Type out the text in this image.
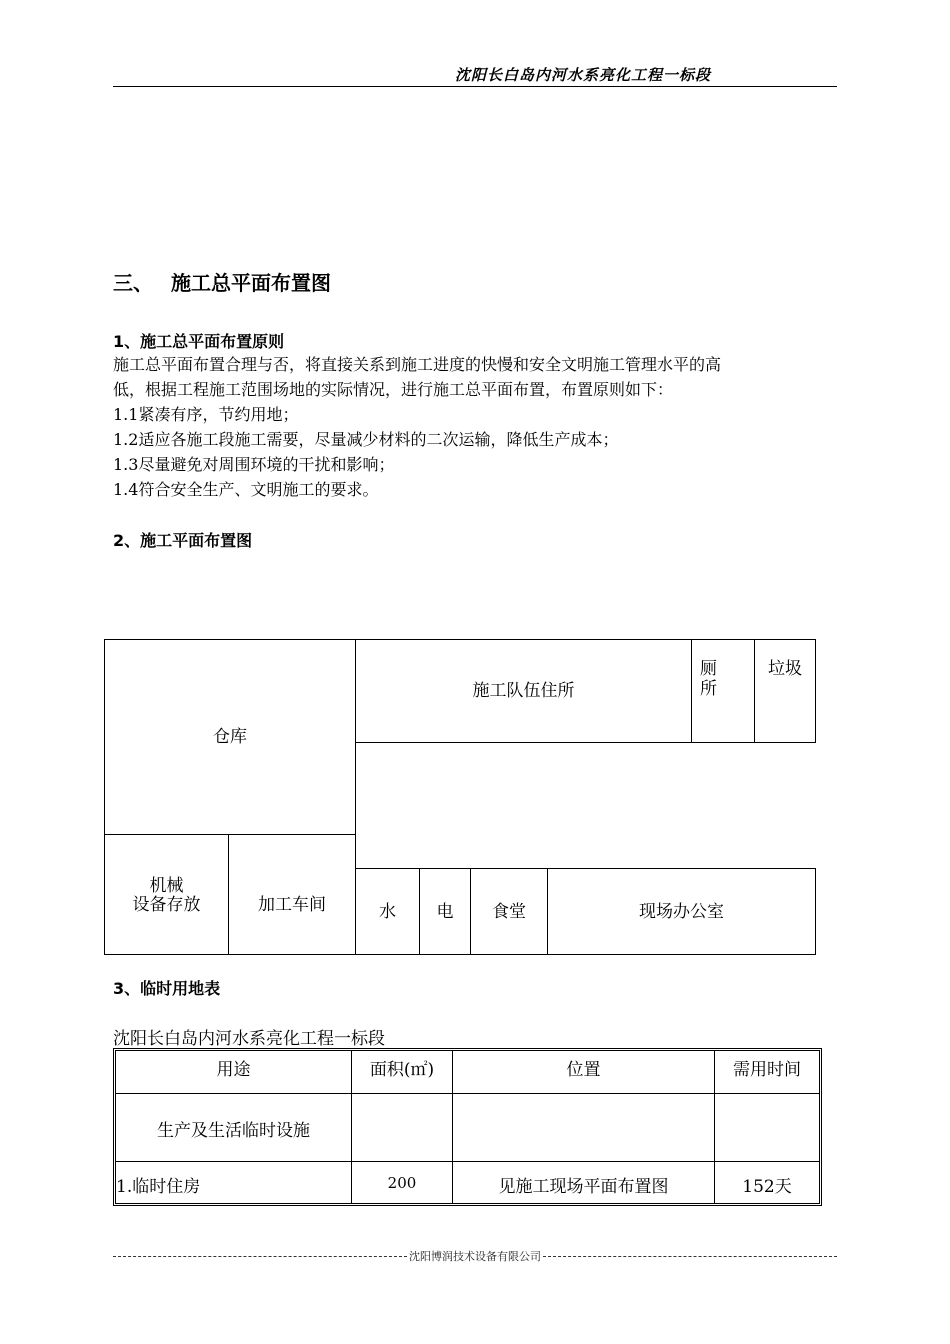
沈阳长白岛内河水系亮化工程一标段
三、 施工总平面布置图
1、施工总平面布置原则

施工总平面布置合理与否，将直接关系到施工进度的快慢和安全文明施工管理水平的高

低，根据工程施工范围场地的实际情况，进行施工总平面布置，布置原则如下：

1.1紧凑有序，节约用地；

1.2适应各施工段施工需要，尽量减少材料的二次运输，降低生产成本；

1.3尽量避免对周围环境的干扰和影响；

1.4符合安全生产、文明施工的要求。

2、施工平面布置图
仓库
机械
设备存放	加工车间
施工队伍住所
厕
所
垃圾
水	电	食堂	现场办公室
3、临时用地表
沈阳长白岛内河水系亮化工程一标段
用途	面积(㎡)	位置	需用时间
生产及生活临时设施
1.临时住房	200	见施工现场平面布置图	152天
沈阳博润技术设备有限公司
